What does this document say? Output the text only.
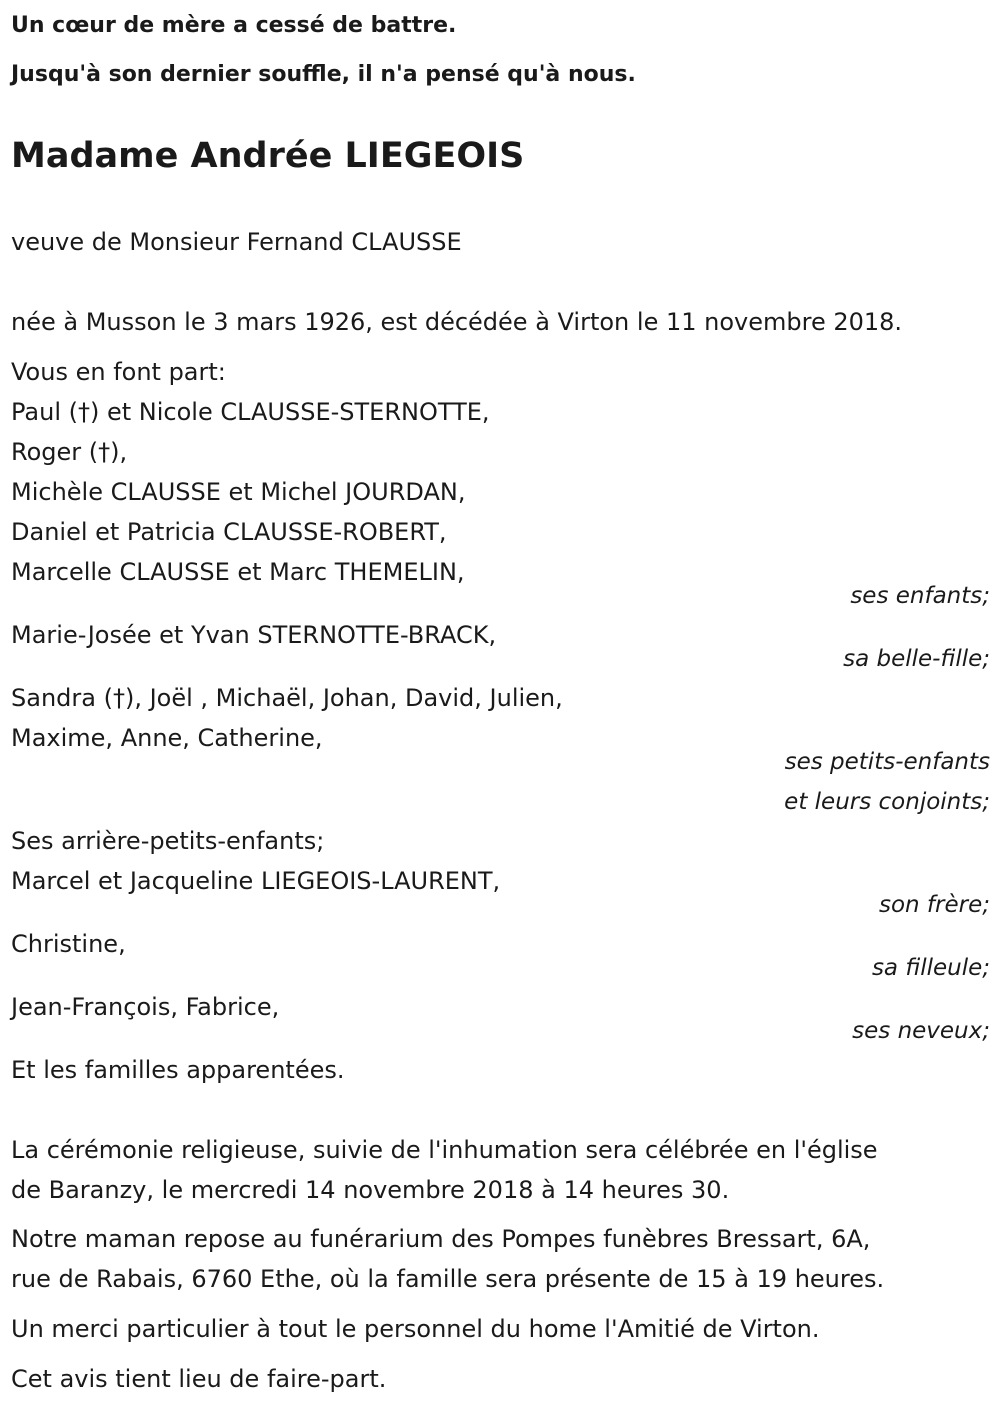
Un cœur de mère a cessé de battre.
Jusqu'à son dernier souffle, il n'a pensé qu'à nous.
Madame Andrée LIEGEOIS
veuve de Monsieur Fernand CLAUSSE
née à Musson le 3 mars 1926, est décédée à Virton le 11 novembre 2018.
Vous en font part:
Paul (†) et Nicole CLAUSSE-STERNOTTE,
Roger (†),
Michèle CLAUSSE et Michel JOURDAN,
Daniel et Patricia CLAUSSE-ROBERT,
Marcelle CLAUSSE et Marc THEMELIN,
ses enfants;
Marie-Josée et Yvan STERNOTTE-BRACK,
sa belle-fille;
Sandra (†), Joël , Michaël, Johan, David, Julien,
Maxime, Anne, Catherine,
ses petits-enfants
et leurs conjoints;
Ses arrière-petits-enfants;
Marcel et Jacqueline LIEGEOIS-LAURENT,
son frère;
Christine,
sa filleule;
Jean-François, Fabrice,
ses neveux;
Et les familles apparentées.
La cérémonie religieuse, suivie de l'inhumation sera célébrée en l'église
de Baranzy, le mercredi 14 novembre 2018 à 14 heures 30.
Notre maman repose au funérarium des Pompes funèbres Bressart, 6A,
rue de Rabais, 6760 Ethe, où la famille sera présente de 15 à 19 heures.
Un merci particulier à tout le personnel du home l'Amitié de Virton.
Cet avis tient lieu de faire-part.
